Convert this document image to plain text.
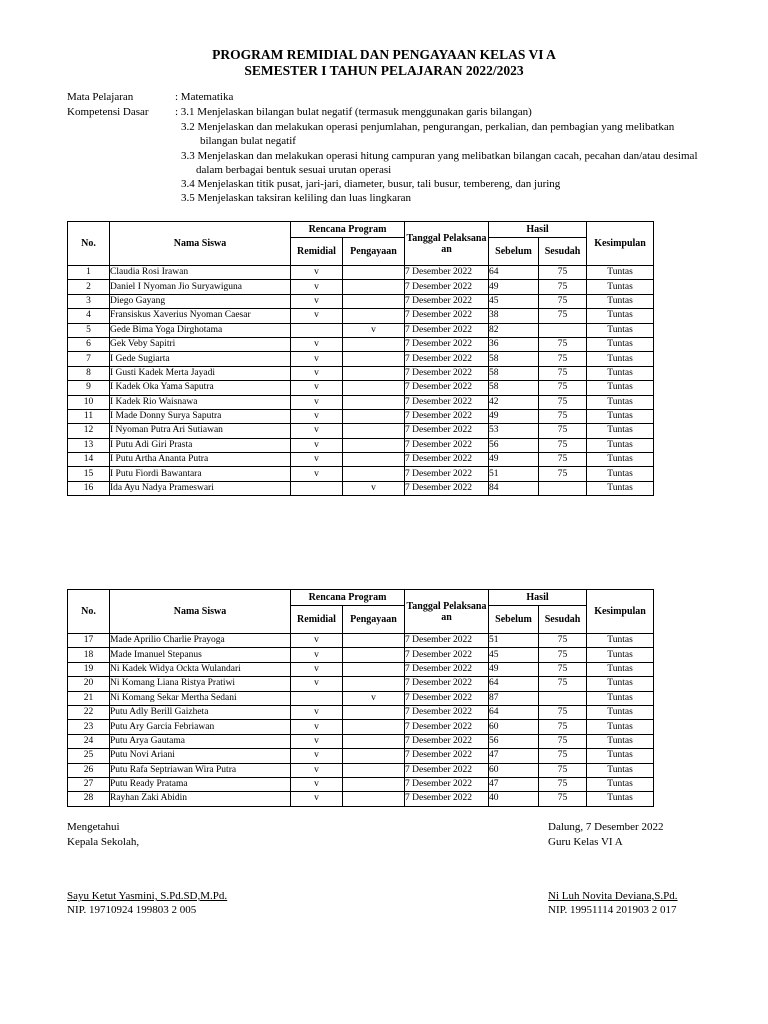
PROGRAM REMIDIAL DAN PENGAYAAN KELAS VI A
SEMESTER I TAHUN PELAJARAN 2022/2023
Mata Pelajaran	: Matematika
Kompetensi Dasar : 3.1 Menjelaskan bilangan bulat negatif (termasuk menggunakan garis bilangan)
3.2 Menjelaskan dan melakukan operasi penjumlahan, pengurangan, perkalian, dan pembagian yang melibatkan
bilangan bulat negatif
3.3 Menjelaskan dan melakukan operasi hitung campuran yang melibatkan bilangan cacah, pecahan dan/atau desimal
dalam berbagai bentuk sesuai urutan operasi
3.4 Menjelaskan titik pusat, jari-jari, diameter, busur, tali busur, tembereng, dan juring
3.5 Menjelaskan taksiran keliling dan luas lingkaran
No.	Nama Siswa	Rencana Program		Tanggal Pelaksanaan	Hasil		Kesimpulan
		Remidial	Pengayaan		Sebelum	Sesudah	
1	Claudia Rosi Irawan	v		7 Desember 2022	64	75	Tuntas
2	Daniel I Nyoman Jio Suryawiguna	v		7 Desember 2022	49	75	Tuntas
3	Diego Gayang	v		7 Desember 2022	45	75	Tuntas
4	Fransiskus Xaverius Nyoman Caesar	v		7 Desember 2022	38	75	Tuntas
5	Gede Bima Yoga Dirghotama		v	7 Desember 2022	82		Tuntas
6	Gek Veby Sapitri	v		7 Desember 2022	36	75	Tuntas
7	I Gede Sugiarta	v		7 Desember 2022	58	75	Tuntas
8	I Gusti Kadek Merta Jayadi	v		7 Desember 2022	58	75	Tuntas
9	I Kadek Oka Yama Saputra	v		7 Desember 2022	58	75	Tuntas
10	I Kadek Rio Waisnawa	v		7 Desember 2022	42	75	Tuntas
11	I Made Donny Surya Saputra	v		7 Desember 2022	49	75	Tuntas
12	I Nyoman Putra Ari Sutiawan	v		7 Desember 2022	53	75	Tuntas
13	I Putu Adi Giri Prasta	v		7 Desember 2022	56	75	Tuntas
14	I Putu Artha Ananta Putra	v		7 Desember 2022	49	75	Tuntas
15	I Putu Fiordi Bawantara	v		7 Desember 2022	51	75	Tuntas
16	Ida Ayu Nadya Prameswari		v	7 Desember 2022	84		Tuntas
No.	Nama Siswa	Rencana Program		Tanggal Pelaksanaan	Hasil		Kesimpulan
		Remidial	Pengayaan		Sebelum	Sesudah	
17	Made Aprilio Charlie Prayoga	v		7 Desember 2022	51	75	Tuntas
18	Made Imanuel Stepanus	v		7 Desember 2022	45	75	Tuntas
19	Ni Kadek Widya Ockta Wulandari	v		7 Desember 2022	49	75	Tuntas
20	Ni Komang Liana Ristya Pratiwi	v		7 Desember 2022	64	75	Tuntas
21	Ni Komang Sekar Mertha Sedani		v	7 Desember 2022	87		Tuntas
22	Putu Adly Berill Gaizheta	v		7 Desember 2022	64	75	Tuntas
23	Putu Ary Garcia Febriawan	v		7 Desember 2022	60	75	Tuntas
24	Putu Arya Gautama	v		7 Desember 2022	56	75	Tuntas
25	Putu Novi Ariani	v		7 Desember 2022	47	75	Tuntas
26	Putu Rafa Septriawan Wira Putra	v		7 Desember 2022	60	75	Tuntas
27	Putu Ready Pratama	v		7 Desember 2022	47	75	Tuntas
28	Rayhan Zaki Abidin	v		7 Desember 2022	40	75	Tuntas
Mengetahui
Kepala Sekolah,
Sayu Ketut Yasmini, S.Pd.SD,M.Pd.
NIP. 19710924 199803 2 005
Dalung, 7 Desember 2022
Guru Kelas VI A
Ni Luh Novita Deviana,S.Pd.
NIP. 19951114 201903 2 017
